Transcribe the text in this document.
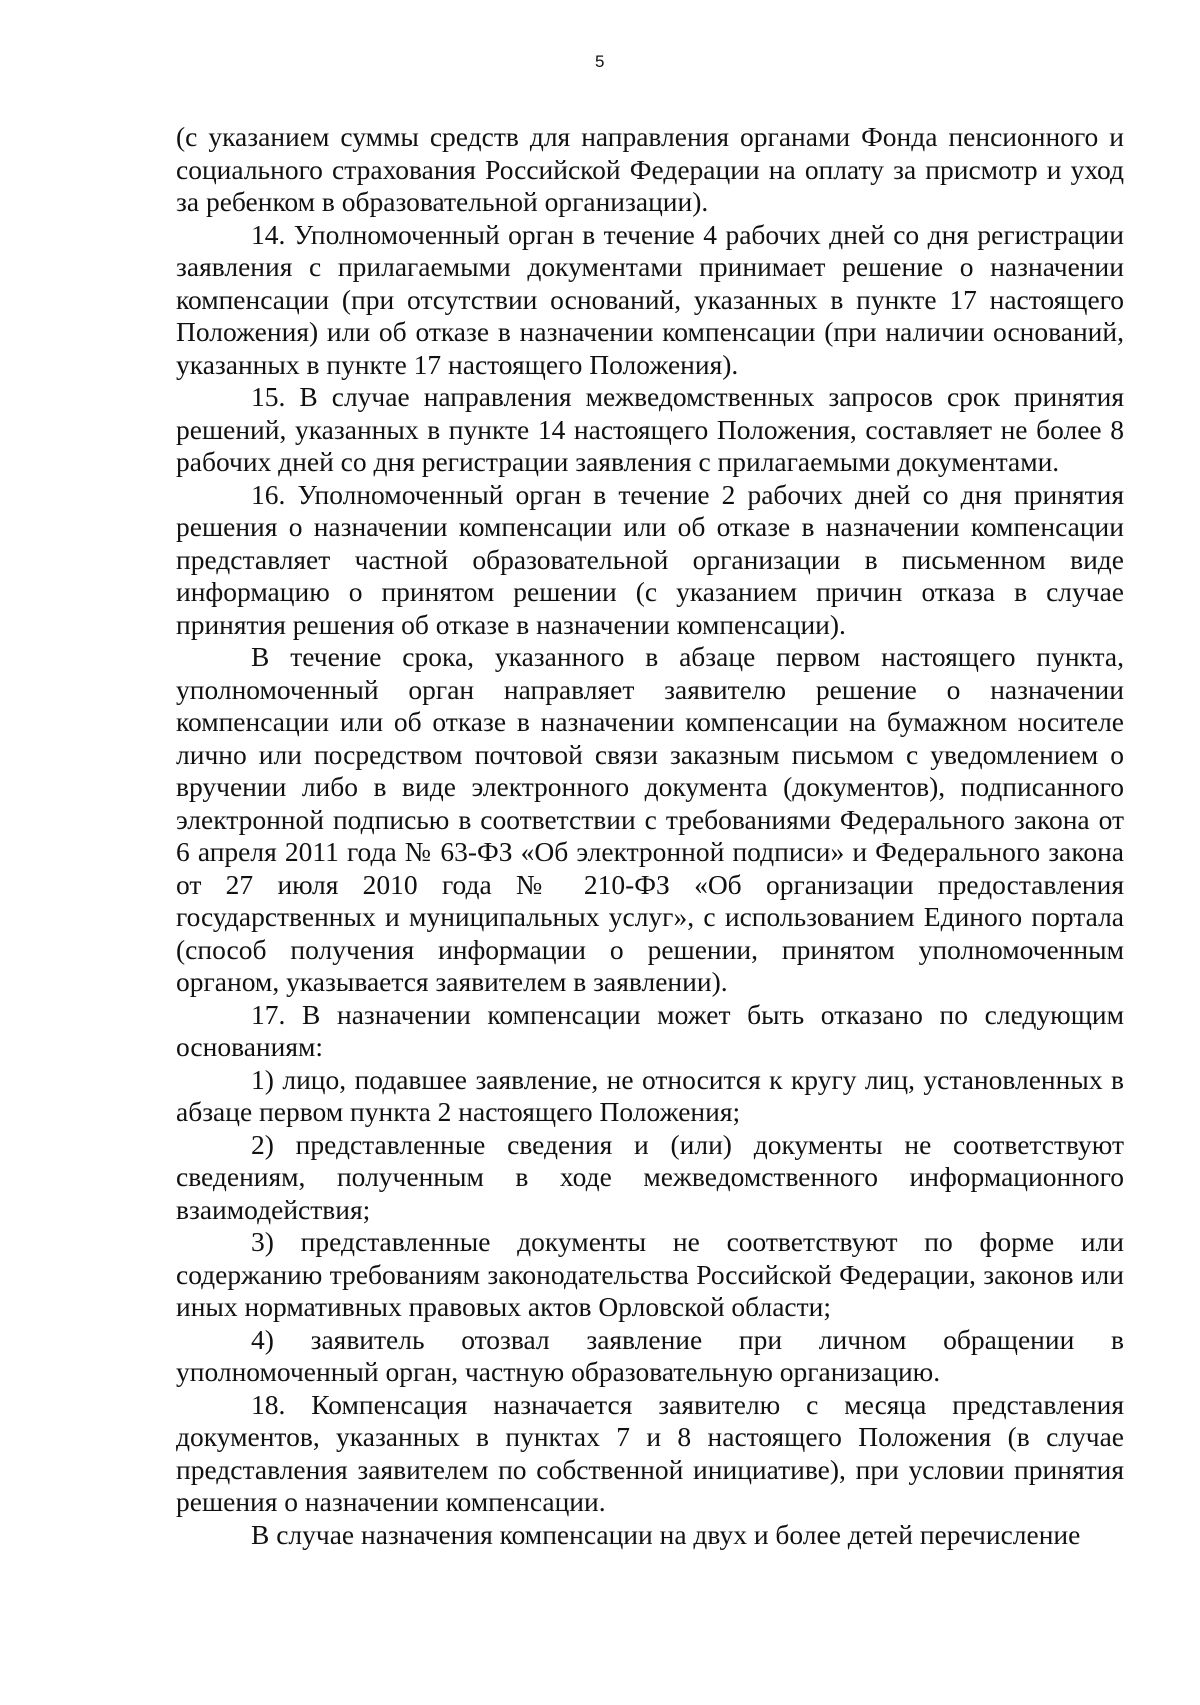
5

(с указанием суммы средств для направления органами Фонда пенсионного и социального страхования Российской Федерации на оплату за присмотр и уход за ребенком в образовательной организации).

14. Уполномоченный орган в течение 4 рабочих дней со дня регистрации заявления с прилагаемыми документами принимает решение о назначении компенсации (при отсутствии оснований, указанных в пункте 17 настоящего Положения) или об отказе в назначении компенсации (при наличии оснований, указанных в пункте 17 настоящего Положения).

15. В случае направления межведомственных запросов срок принятия решений, указанных в пункте 14 настоящего Положения, составляет не более 8 рабочих дней со дня регистрации заявления с прилагаемыми документами.

16. Уполномоченный орган в течение 2 рабочих дней со дня принятия решения о назначении компенсации или об отказе в назначении компенсации представляет частной образовательной организации в письменном виде информацию о принятом решении (с указанием причин отказа в случае принятия решения об отказе в назначении компенсации).

В течение срока, указанного в абзаце первом настоящего пункта, уполномоченный орган направляет заявителю решение о назначении компенсации или об отказе в назначении компенсации на бумажном носителе лично или посредством почтовой связи заказным письмом с уведомлением о вручении либо в виде электронного документа (документов), подписанного электронной подписью в соответствии с требованиями Федерального закона от 6 апреля 2011 года № 63-ФЗ «Об электронной подписи» и Федерального закона от 27 июля 2010 года № 210-ФЗ «Об организации предоставления государственных и муниципальных услуг», с использованием Единого портала (способ получения информации о решении, принятом уполномоченным органом, указывается заявителем в заявлении).

17. В назначении компенсации может быть отказано по следующим основаниям:

1) лицо, подавшее заявление, не относится к кругу лиц, установленных в абзаце первом пункта 2 настоящего Положения;

2) представленные сведения и (или) документы не соответствуют сведениям, полученным в ходе межведомственного информационного взаимодействия;

3) представленные документы не соответствуют по форме или содержанию требованиям законодательства Российской Федерации, законов или иных нормативных правовых актов Орловской области;

4) заявитель отозвал заявление при личном обращении в уполномоченный орган, частную образовательную организацию.

18. Компенсация назначается заявителю с месяца представления документов, указанных в пунктах 7 и 8 настоящего Положения (в случае представления заявителем по собственной инициативе), при условии принятия решения о назначении компенсации.

В случае назначения компенсации на двух и более детей перечисление
